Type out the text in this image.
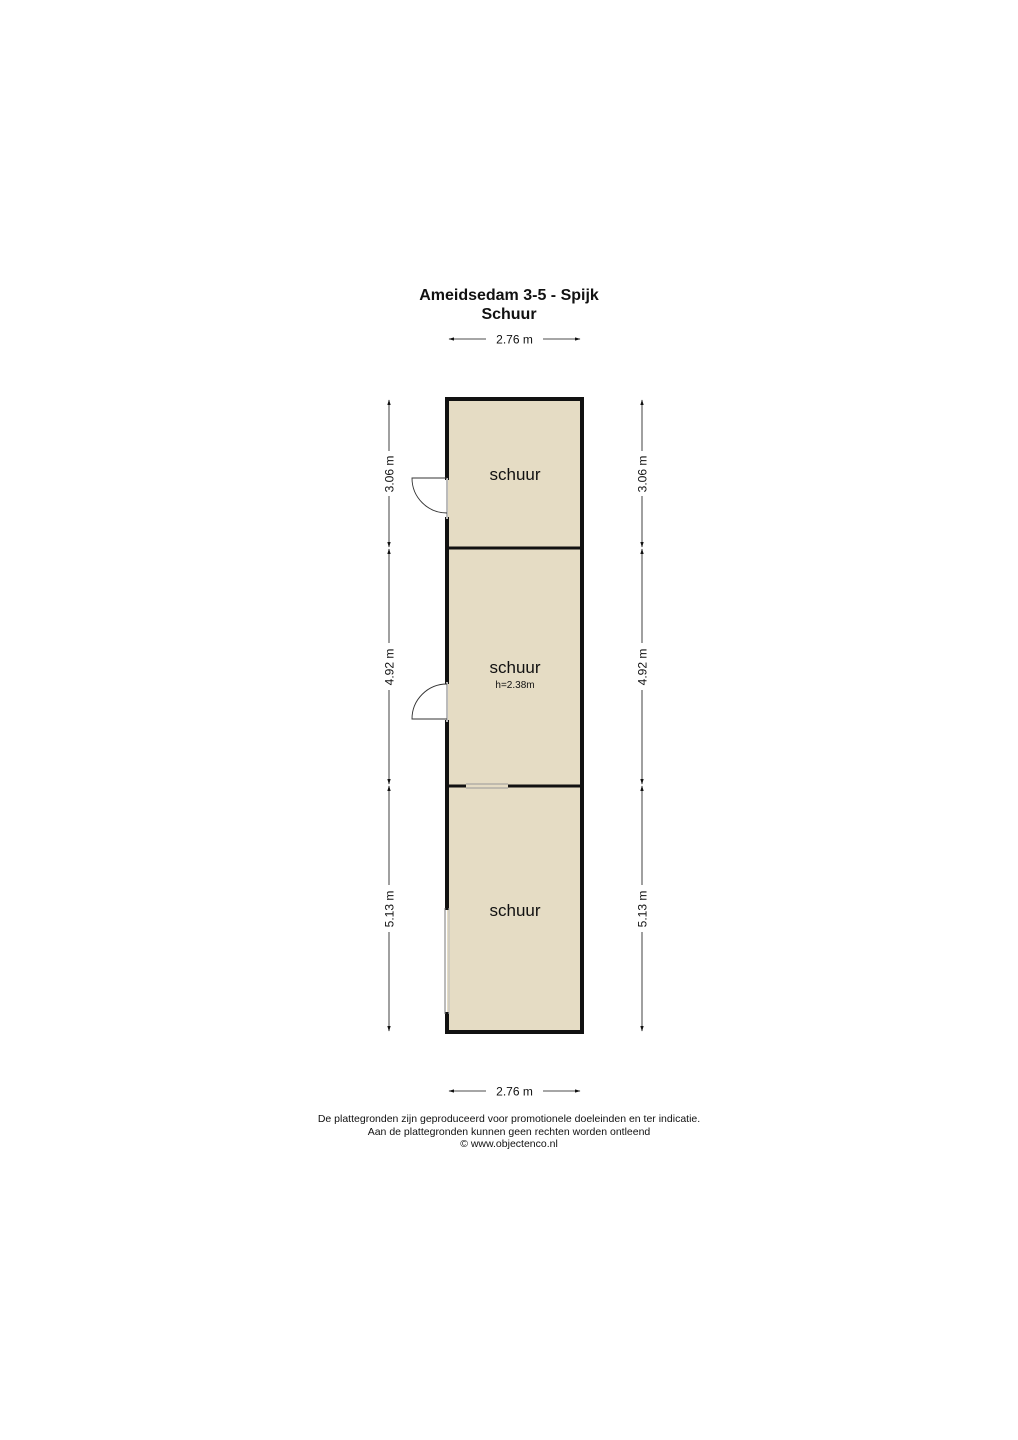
Ameidsedam 3-5 - Spijk
Schuur
2.76 m
schuur
schuur
h=2.38m
schuur
3.06 m
4.92 m
5.13 m
3.06 m
4.92 m
5.13 m
2.76 m
De plattegronden zijn geproduceerd voor promotionele doeleinden en ter indicatie.
Aan de plattegronden kunnen geen rechten worden ontleend
© www.objectenco.nl
